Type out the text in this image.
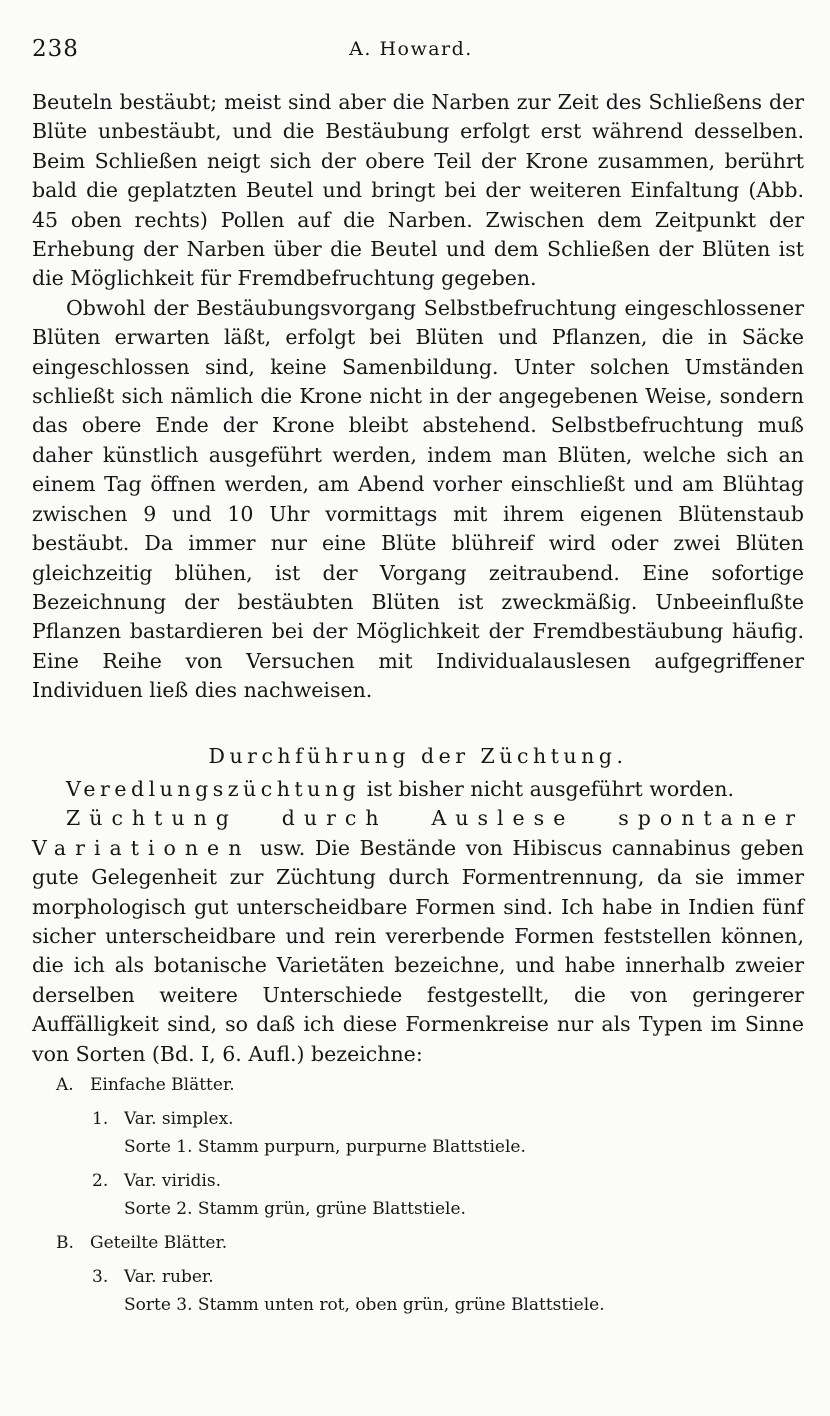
238	A. Howard.

Beuteln bestäubt; meist sind aber die Narben zur Zeit des Schließens der Blüte unbestäubt, und die Bestäubung erfolgt erst während desselben. Beim Schließen neigt sich der obere Teil der Krone zusammen, berührt bald die geplatzten Beutel und bringt bei der weiteren Einfaltung (Abb. 45 oben rechts) Pollen auf die Narben. Zwischen dem Zeitpunkt der Erhebung der Narben über die Beutel und dem Schließen der Blüten ist die Möglichkeit für Fremdbefruchtung gegeben.

Obwohl der Bestäubungsvorgang Selbstbefruchtung eingeschlossener Blüten erwarten läßt, erfolgt bei Blüten und Pflanzen, die in Säcke eingeschlossen sind, keine Samenbildung. Unter solchen Umständen schließt sich nämlich die Krone nicht in der angegebenen Weise, sondern das obere Ende der Krone bleibt abstehend. Selbstbefruchtung muß daher künstlich ausgeführt werden, indem man Blüten, welche sich an einem Tag öffnen werden, am Abend vorher einschließt und am Blühtag zwischen 9 und 10 Uhr vormittags mit ihrem eigenen Blütenstaub bestäubt. Da immer nur eine Blüte blühreif wird oder zwei Blüten gleichzeitig blühen, ist der Vorgang zeitraubend. Eine sofortige Bezeichnung der bestäubten Blüten ist zweckmäßig. Unbeeinflußte Pflanzen bastardieren bei der Möglichkeit der Fremdbestäubung häufig. Eine Reihe von Versuchen mit Individualauslesen aufgegriffener Individuen ließ dies nachweisen.

Durchführung der Züchtung.

Veredlungszüchtung ist bisher nicht ausgeführt worden.

Züchtung durch Auslese spontaner Variationen usw. Die Bestände von Hibiscus cannabinus geben gute Gelegenheit zur Züchtung durch Formentrennung, da sie immer morphologisch gut unterscheidbare Formen sind. Ich habe in Indien fünf sicher unterscheidbare und rein vererbende Formen feststellen können, die ich als botanische Varietäten bezeichne, und habe innerhalb zweier derselben weitere Unterschiede festgestellt, die von geringerer Auffälligkeit sind, so daß ich diese Formenkreise nur als Typen im Sinne von Sorten (Bd. I, 6. Aufl.) bezeichne:

A. Einfache Blätter.
1. Var. simplex.
Sorte 1. Stamm purpurn, purpurne Blattstiele.
2. Var. viridis.
Sorte 2. Stamm grün, grüne Blattstiele.
B. Geteilte Blätter.
3. Var. ruber.
Sorte 3. Stamm unten rot, oben grün, grüne Blattstiele.
